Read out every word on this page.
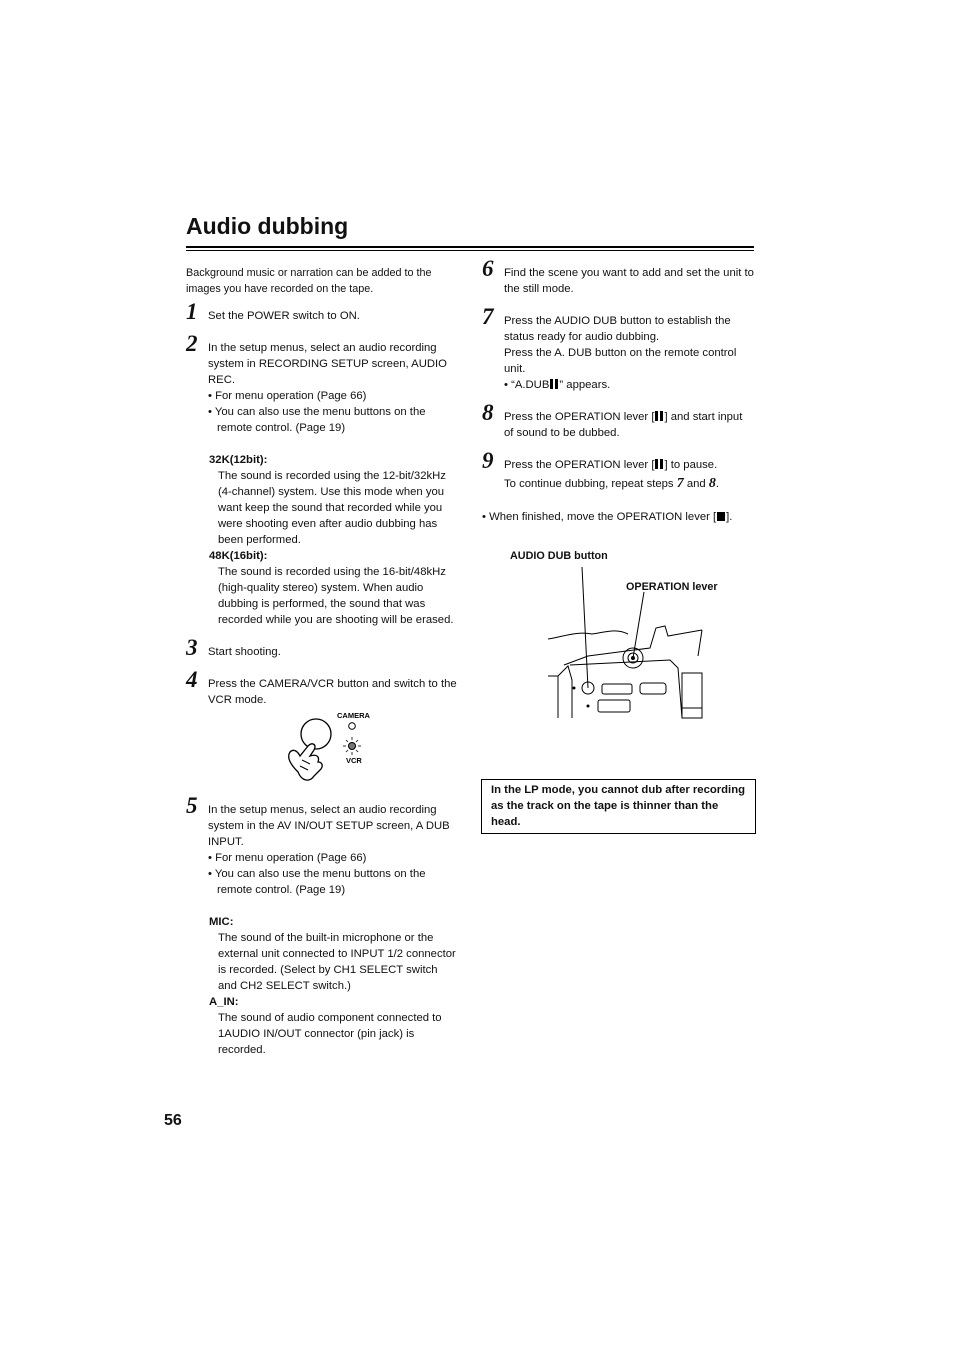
Audio dubbing
Background music or narration can be added to the images you have recorded on the tape.
1 Set the POWER switch to ON.
2 In the setup menus, select an audio recording system in RECORDING SETUP screen, AUDIO REC.
• For menu operation (Page 66)
• You can also use the menu buttons on the remote control. (Page 19)
32K(12bit):
The sound is recorded using the 12-bit/32kHz (4-channel) system. Use this mode when you want keep the sound that recorded while you were shooting even after audio dubbing has been performed.
48K(16bit):
The sound is recorded using the 16-bit/48kHz (high-quality stereo) system. When audio dubbing is performed, the sound that was recorded while you are shooting will be erased.
3 Start shooting.
4 Press the CAMERA/VCR button and switch to the VCR mode.
CAMERA
VCR
5 In the setup menus, select an audio recording system in the AV IN/OUT SETUP screen, A DUB INPUT.
• For menu operation (Page 66)
• You can also use the menu buttons on the remote control. (Page 19)
MIC:
The sound of the built-in microphone or the external unit connected to INPUT 1/2 connector is recorded. (Select by CH1 SELECT switch and CH2 SELECT switch.)
A_IN:
The sound of audio component connected to 1AUDIO IN/OUT connector (pin jack) is recorded.
6 Find the scene you want to add and set the unit to the still mode.
7 Press the AUDIO DUB button to establish the status ready for audio dubbing.
Press the A. DUB button on the remote control unit.
• “A.DUB ” appears.
8 Press the OPERATION lever [ ] and start input of sound to be dubbed.
9 Press the OPERATION lever [ ] to pause.
To continue dubbing, repeat steps 7 and 8.
• When finished, move the OPERATION lever [ ].
AUDIO DUB button
OPERATION lever
In the LP mode, you cannot dub after recording as the track on the tape is thinner than the head.
56
